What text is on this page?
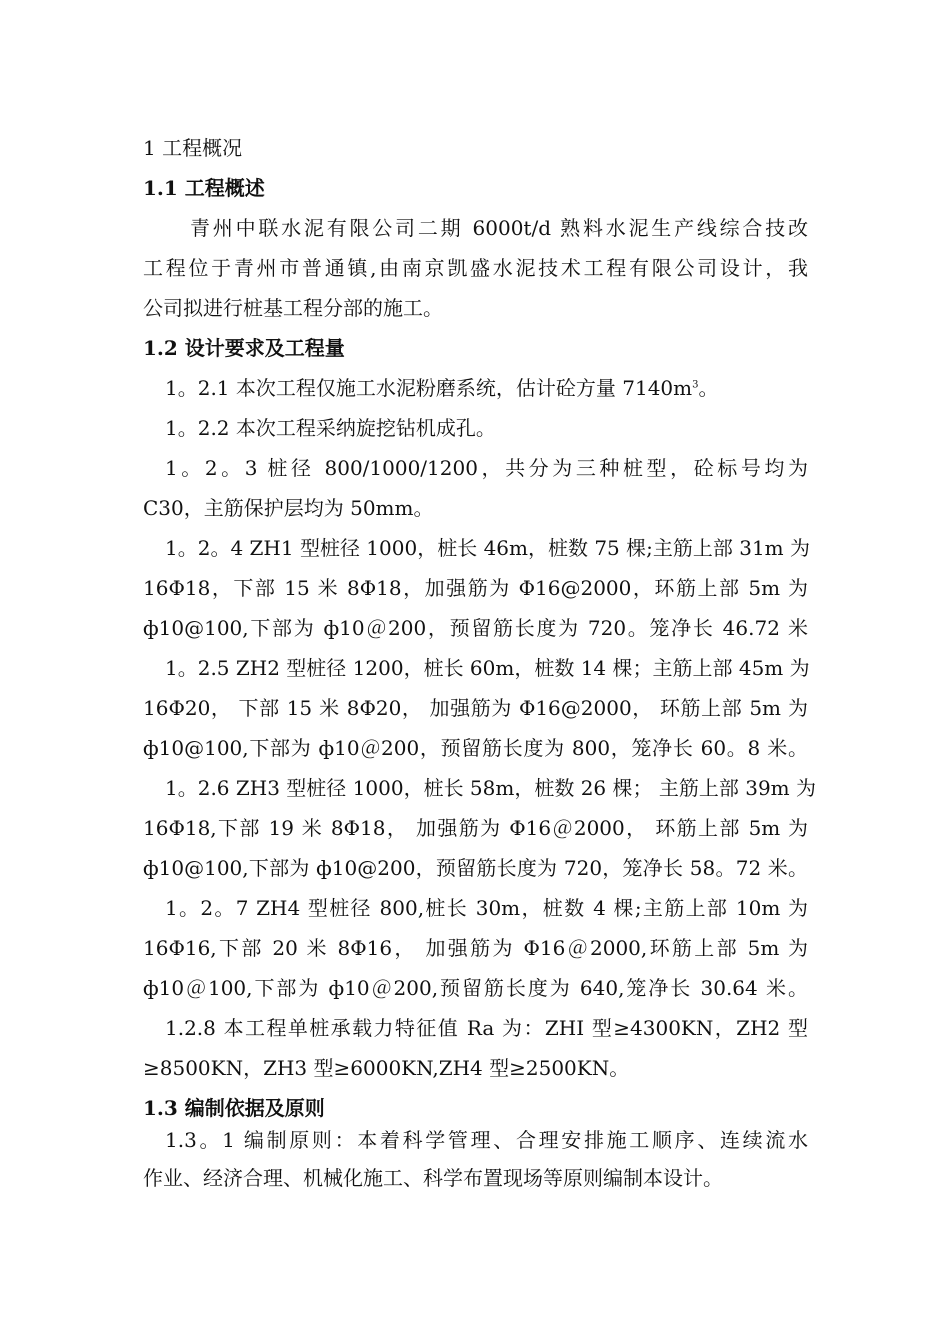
1 工程概况
1.1 工程概述
青州中联水泥有限公司二期 6000t/d 熟料水泥生产线综合技改
工程位于青州市普通镇,由南京凯盛水泥技术工程有限公司设计，我
公司拟进行桩基工程分部的施工。
1.2 设计要求及工程量
1。2.1 本次工程仅施工水泥粉磨系统，估计砼方量 $7140m^3$。
1。2.2 本次工程采纳旋挖钻机成孔。
1。2。3 桩径 800/1000/1200，共分为三种桩型，砼标号均为
C30，主筋保护层均为 50mm。
1。2。4 ZH1 型桩径 1000，桩长 46m，桩数 75 棵;主筋上部 31m 为
16Φ18，下部 15 米 8Φ18，加强筋为 Φ16@2000，环筋上部 5m 为
ф10@100,下部为 ф10＠200，预留筋长度为 720。笼净长 46.72 米
1。2.5 ZH2 型桩径 1200，桩长 60m，桩数 14 棵；主筋上部 45m 为
16Φ20， 下部 15 米 8Φ20， 加强筋为 Φ16@2000， 环筋上部 5m 为
ф10@100,下部为 ф10＠200，预留筋长度为 800，笼净长 60。8 米。
1。2.6 ZH3 型桩径 1000，桩长 58m，桩数 26 棵； 主筋上部 39m 为
16Φ18,下部 19 米 8Φ18， 加强筋为 Φ16＠2000， 环筋上部 5m 为
ф10@100,下部为 ф10@200，预留筋长度为 720，笼净长 58。72 米。
1。2。7 ZH4 型桩径 800,桩长 30m，桩数 4 棵;主筋上部 10m 为
16Φ16,下部 20 米 8Φ16， 加强筋为 Φ16＠2000,环筋上部 5m 为
ф10＠100,下部为 ф10＠200,预留筋长度为 640,笼净长 30.64 米。
1.2.8 本工程单桩承载力特征值 Ra 为：ZHI 型≥4300KN，ZH2 型
≥8500KN，ZH3 型≥6000KN,ZH4 型≥2500KN。
1.3 编制依据及原则
1.3。1 编制原则：本着科学管理、合理安排施工顺序、连续流水
作业、经济合理、机械化施工、科学布置现场等原则编制本设计。
